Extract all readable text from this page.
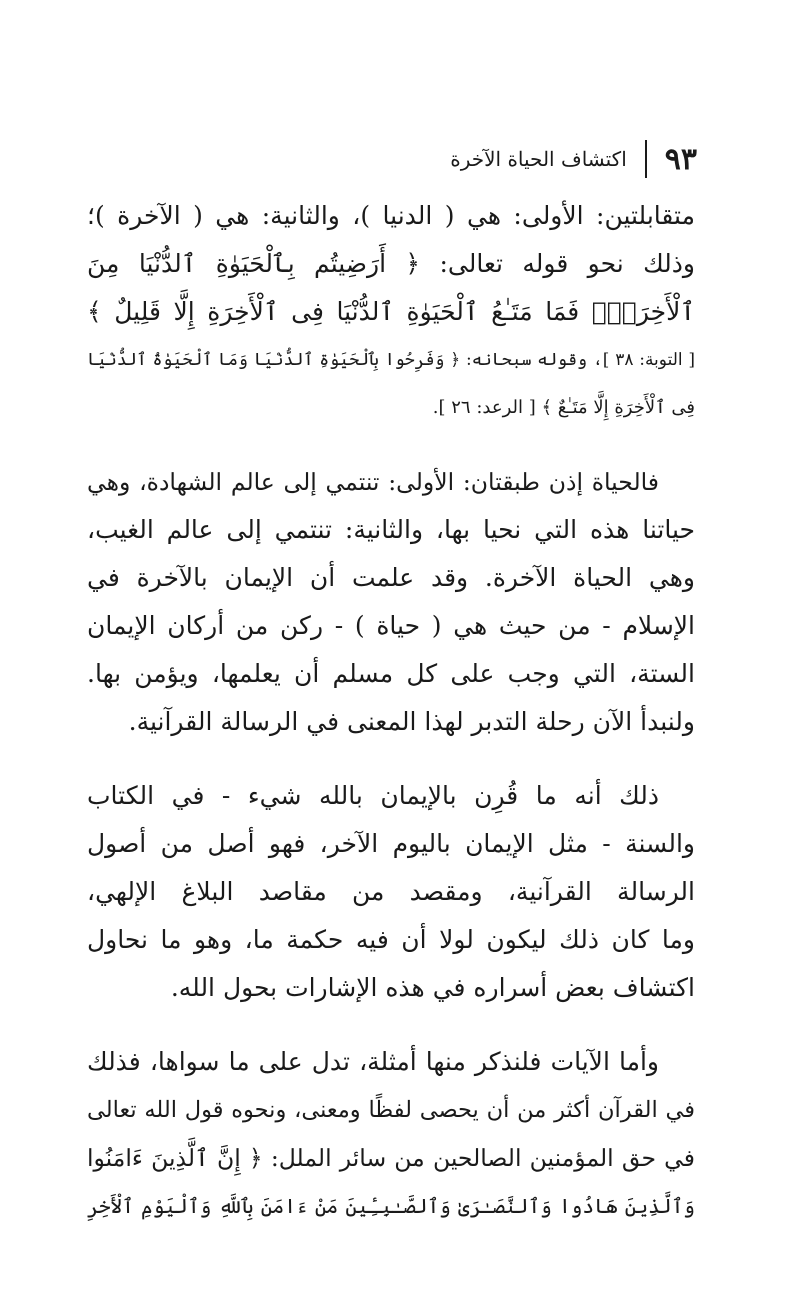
اكتشاف الحياة الآخرة ٩٣
متقابلتين: الأولى: هي ( الدنيا )، والثانية: هي ( الآخرة )؛
وذلك نحو قوله تعالى: ﴿ أَرَضِيتُم بِٱلْحَيَوٰةِ ٱلدُّنْيَا مِنَ
ٱلْأَخِرَةِۚ فَمَا مَتَـٰعُ ٱلْحَيَوٰةِ ٱلدُّنْيَا فِى ٱلْأَخِرَةِ إِلَّا قَلِيلٌ ﴾
[ التوبة: ٣٨ ]، وقوله سبحانه: ﴿ وَفَرِحُوا بِٱلْحَيَوٰةِ ٱلدُّنْيَا وَمَا ٱلْحَيَوٰةُ ٱلدُّنْيَا
فِى ٱلْأَخِرَةِ إِلَّا مَتَـٰعٌ ﴾ [ الرعد: ٢٦ ].
فالحياة إذن طبقتان: الأولى: تنتمي إلى عالم الشهادة، وهي
حياتنا هذه التي نحيا بها، والثانية: تنتمي إلى عالم الغيب،
وهي الحياة الآخرة. وقد علمت أن الإيمان بالآخرة في
الإسلام - من حيث هي ( حياة ) - ركن من أركان الإيمان
الستة، التي وجب على كل مسلم أن يعلمها، ويؤمن بها.
ولنبدأ الآن رحلة التدبر لهذا المعنى في الرسالة القرآنية.
ذلك أنه ما قُرِن بالإيمان بالله شيء - في الكتاب
والسنة - مثل الإيمان باليوم الآخر، فهو أصل من أصول
الرسالة القرآنية، ومقصد من مقاصد البلاغ الإلهي،
وما كان ذلك ليكون لولا أن فيه حكمة ما، وهو ما نحاول
اكتشاف بعض أسراره في هذه الإشارات بحول الله.
وأما الآيات فلنذكر منها أمثلة، تدل على ما سواها، فذلك
في القرآن أكثر من أن يحصى لفظًا ومعنى، ونحوه قول الله تعالى
في حق المؤمنين الصالحين من سائر الملل: ﴿ إِنَّ ٱلَّذِينَ ءَامَنُوا
وَٱلَّذِينَ هَادُوا وَٱلنَّصَـٰرَىٰ وَٱلصَّـٰبِـِٔينَ مَنْ ءَامَنَ بِٱللَّهِ وَٱلْيَوْمِ ٱلْأَخِرِ
